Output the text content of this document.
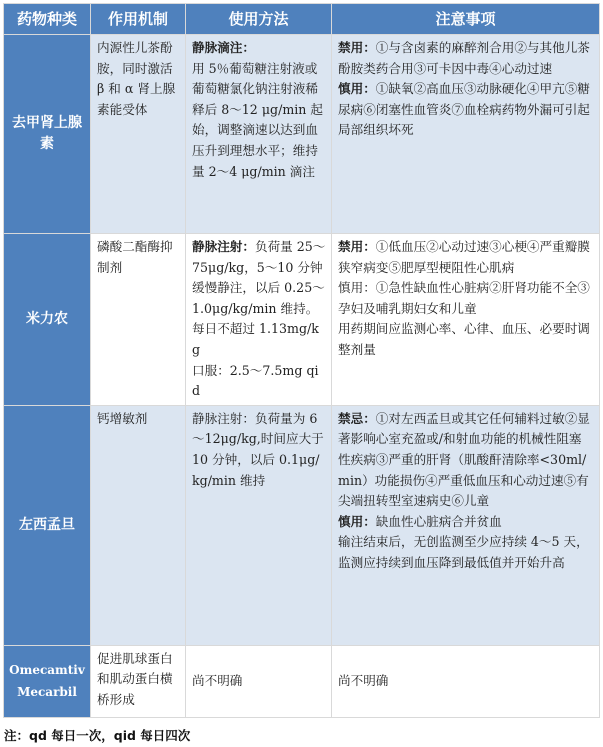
药物种类	作用机制	使用方法	注意事项
去甲肾上腺素	内源性儿茶酚胺，同时激活 β 和 α 肾上腺素能受体	静脉滴注：
用 5％葡萄糖注射液或葡萄糖氯化钠注射液稀释后 8～12 μg/min 起始，调整滴速以达到血压升到理想水平；维持量 2～4 μg/min 滴注	禁用：①与含卤素的麻醉剂合用②与其他儿茶酚胺类药合用③可卡因中毒④心动过速
慎用：①缺氧②高血压③动脉硬化④甲亢⑤糖尿病⑥闭塞性血管炎⑦血栓病药物外漏可引起局部组织坏死

米力农	磷酸二酯酶抑制剂	静脉注射：负荷量 25～75μg/kg，5～10 分钟缓慢静注，以后 0.25～1.0μg/kg/min 维持。每日不超过 1.13mg/kg
口服：2.5～7.5mg qid	禁用：①低血压②心动过速③心梗④严重瓣膜狭窄病变⑤肥厚型梗阻性心肌病
慎用：①急性缺血性心脏病②肝肾功能不全③孕妇及哺乳期妇女和儿童
用药期间应监测心率、心律、血压、必要时调整剂量

左西孟旦	钙增敏剂	静脉注射：负荷量为 6～12μg/kg,时间应大于 10 分钟，以后 0.1μg/kg/min 维持	禁忌：①对左西孟旦或其它任何辅料过敏②显著影响心室充盈或/和射血功能的机械性阻塞性疾病③严重的肝肾（肌酸酐清除率<30ml/min）功能损伤④严重低血压和心动过速⑤有尖端扭转型室速病史⑥儿童
慎用：缺血性心脏病合并贫血
输注结束后，无创监测至少应持续 4～5 天，监测应持续到血压降到最低值并开始升高

Omecamtiv Mecarbil	促进肌球蛋白和肌动蛋白横桥形成	尚不明确	尚不明确
注：qd 每日一次，qid 每日四次
